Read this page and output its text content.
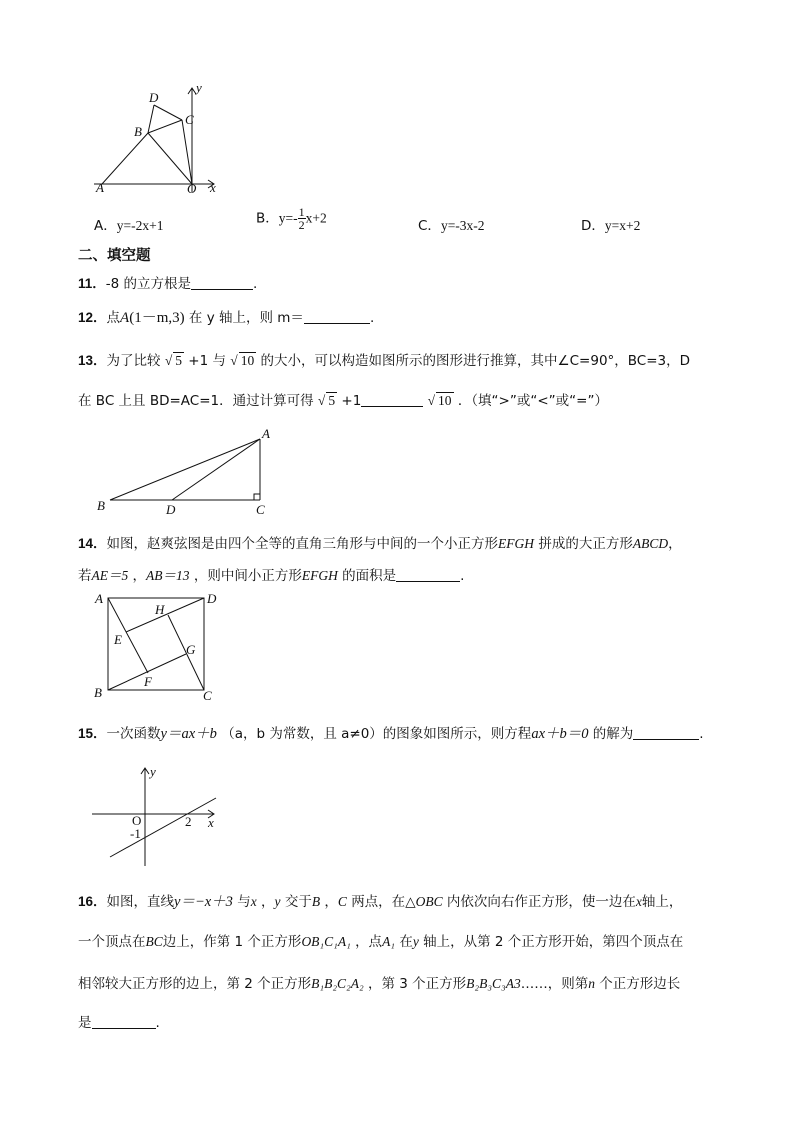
D
C
B
A	O x
y
A．y=-2x+1	B．$y=- \frac{1}{2} x+2$	C．y=-3x-2	D．y=x+2
二、填空题
11．-8 的立方根是	.
12．点A(1－m,3) 在 y 轴上，则 m＝	.
13．为了比较 √ 5 +1 与 √ 10 的大小，可以构造如图所示的图形进行推算，其中∠C=90°，BC=3，D
在 BC 上且 BD=AC=1．通过计算可得 √ 5 +1	√ 10 ．（填“>”或“<”或“=”）
A
B	D	C
14．如图，赵爽弦图是由四个全等的直角三角形与中间的一个小正方形EFGH 拼成的大正方形ABCD，
若AE＝5 ，AB＝13 ，则中间小正方形EFGH 的面积是	.
A	D
H
E
G
F
B	C
15．一次函数y＝ax＋b （a，b 为常数，且 a≠0）的图象如图所示，则方程ax＋b＝0 的解为	.
y
x
O	2
-1
16．如图，直线y＝−x＋3 与x ，y 交于B ，C 两点，在△OBC 内依次向右作正方形，使一边在x轴上，
一个顶点在BC边上，作第 1 个正方形OB₁C₁A₁ ，点A₁ 在y 轴上，从第 2 个正方形开始，第四个顶点在
相邻较大正方形的边上，第 2 个正方形B₁B₂C₂A₂ ，第 3 个正方形B₂B₃C₃A3……，则第n 个正方形边长
是	.
